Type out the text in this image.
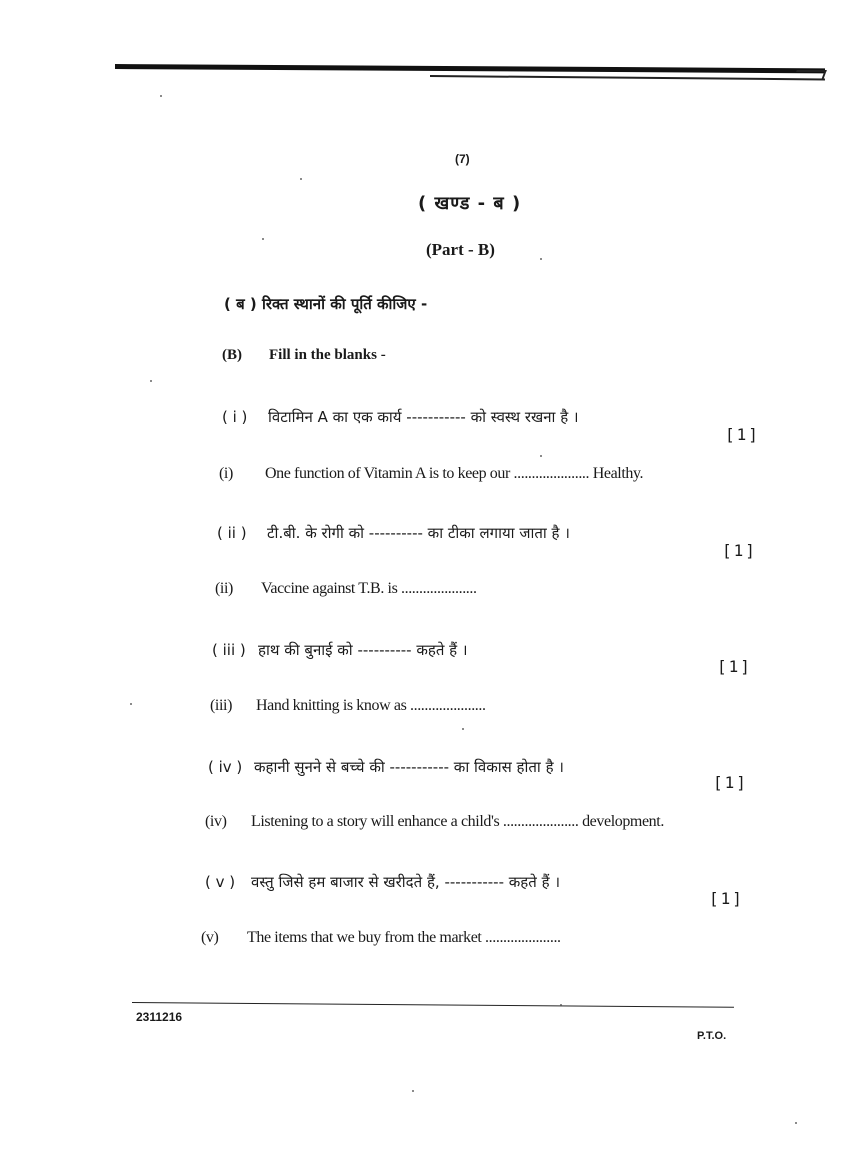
(7)
( खण्ड - ब )
(Part - B)
( ब ) रिक्त स्थानों की पूर्ति कीजिए -
(B) Fill in the blanks -
( i ) विटामिन A का एक कार्य ----------- को स्वस्थ रखना है ।
[1]
(i) One function of Vitamin A is to keep our ..................... Healthy.
( ii ) टी.बी. के रोगी को ---------- का टीका लगाया जाता है ।
[1]
(ii) Vaccine against T.B. is .....................
( iii ) हाथ की बुनाई को ---------- कहते हैं ।
[1]
(iii) Hand knitting is know as .....................
( iv ) कहानी सुनने से बच्चे की ----------- का विकास होता है ।
[1]
(iv) Listening to a story will enhance a child's ..................... development.
( v ) वस्तु जिसे हम बाजार से खरीदते हैं, ----------- कहते हैं ।
[1]
(v) The items that we buy from the market .....................
2311216
P.T.O.
